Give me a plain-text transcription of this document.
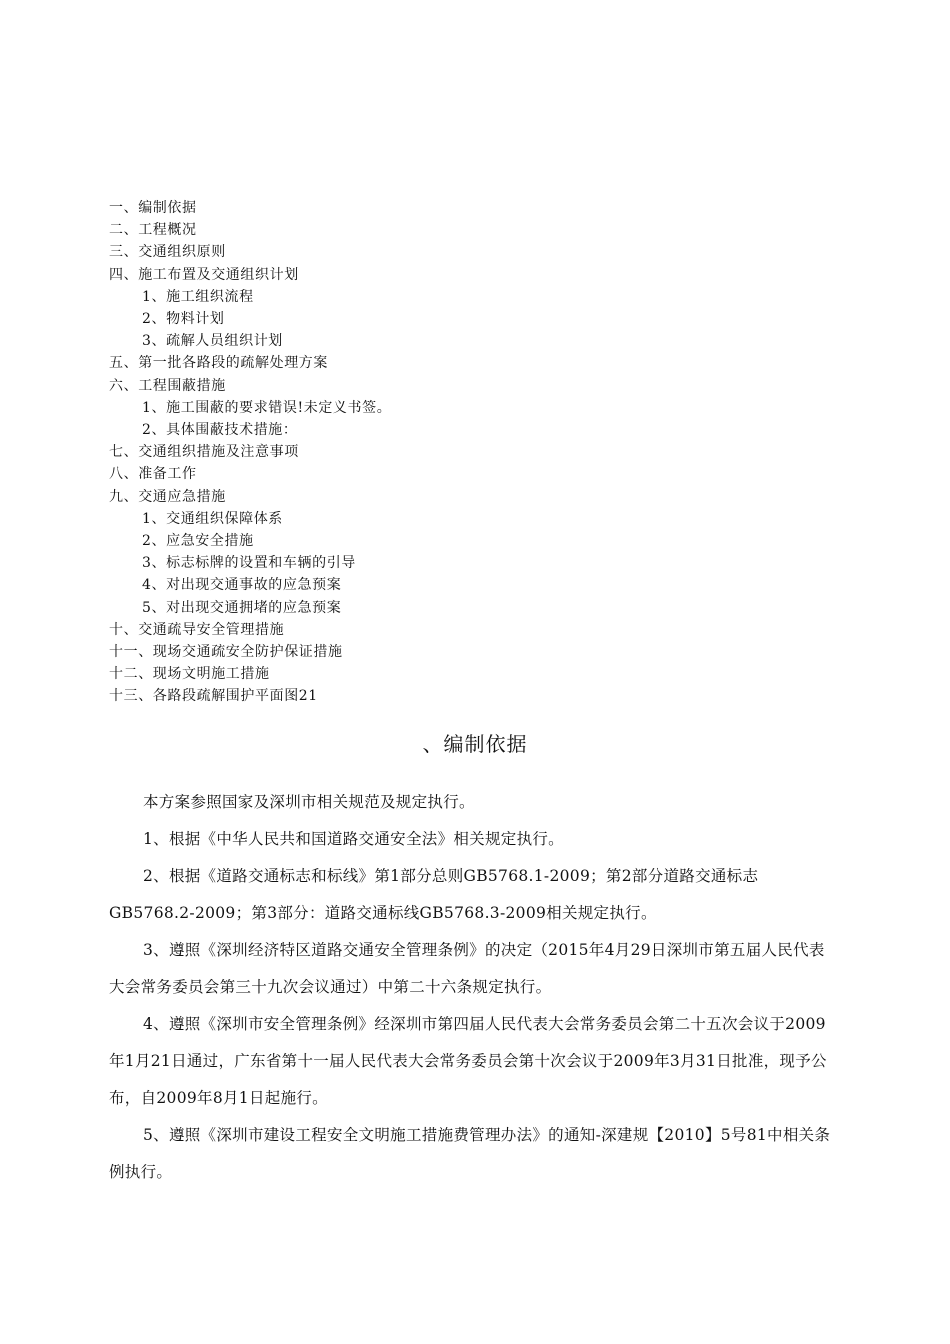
一、编制依据
二、工程概况
三、交通组织原则
四、施工布置及交通组织计划
1、施工组织流程
2、物料计划
3、疏解人员组织计划
五、第一批各路段的疏解处理方案
六、工程围蔽措施
1、施工围蔽的要求错误!未定义书签。
2、具体围蔽技术措施：
七、交通组织措施及注意事项
八、准备工作
九、交通应急措施
1、交通组织保障体系
2、应急安全措施
3、标志标牌的设置和车辆的引导
4、对出现交通事故的应急预案
5、对出现交通拥堵的应急预案
十、交通疏导安全管理措施
十一、现场交通疏安全防护保证措施
十二、现场文明施工措施
十三、各路段疏解围护平面图21
、编制依据

本方案参照国家及深圳市相关规范及规定执行。

1、根据《中华人民共和国道路交通安全法》相关规定执行。

2、根据《道路交通标志和标线》第1部分总则GB5768.1-2009；第2部分道路交通标志GB5768.2-2009；第3部分：道路交通标线GB5768.3-2009相关规定执行。

3、遵照《深圳经济特区道路交通安全管理条例》的决定（2015年4月29日深圳市第五届人民代表大会常务委员会第三十九次会议通过）中第二十六条规定执行。

4、遵照《深圳市安全管理条例》经深圳市第四届人民代表大会常务委员会第二十五次会议于2009年1月21日通过，广东省第十一届人民代表大会常务委员会第十次会议于2009年3月31日批准，现予公布，自2009年8月1日起施行。

5、遵照《深圳市建设工程安全文明施工措施费管理办法》的通知-深建规【2010】5号81中相关条例执行。
